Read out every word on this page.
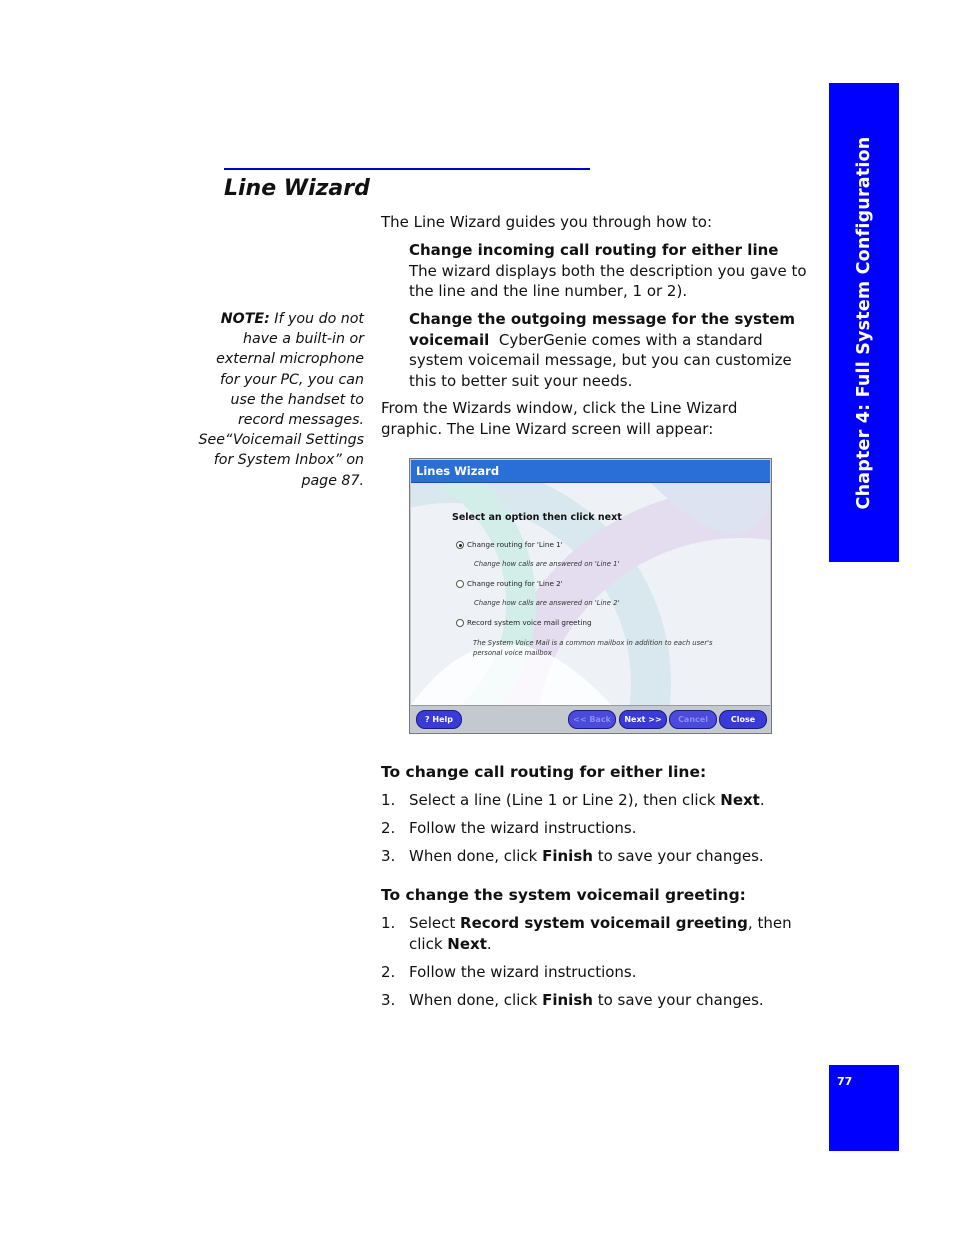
Chapter 4: Full System Configuration
77
Line Wizard
NOTE: If you do not have a built-in or external microphone for your PC, you can use the handset to record messages. See“Voicemail Settings for System Inbox” on page 87.
The Line Wizard guides you through how to:
Change incoming call routing for either line
The wizard displays both the description you gave to the line and the line number, 1 or 2).
Change the outgoing message for the system voicemail CyberGenie comes with a standard system voicemail message, but you can customize this to better suit your needs.
From the Wizards window, click the Line Wizard graphic. The Line Wizard screen will appear:
Lines Wizard
Select an option then click next
Change routing for 'Line 1'
Change how calls are answered on 'Line 1'
Change routing for 'Line 2'
Change how calls are answered on 'Line 2'
Record system voice mail greeting
The System Voice Mail is a common mailbox in addition to each user's personal voice mailbox
? Help	<< Back	Next >>	Cancel	Close
To change call routing for either line:
1. Select a line (Line 1 or Line 2), then click Next.
2. Follow the wizard instructions.
3. When done, click Finish to save your changes.
To change the system voicemail greeting:
1. Select Record system voicemail greeting, then click Next.
2. Follow the wizard instructions.
3. When done, click Finish to save your changes.
